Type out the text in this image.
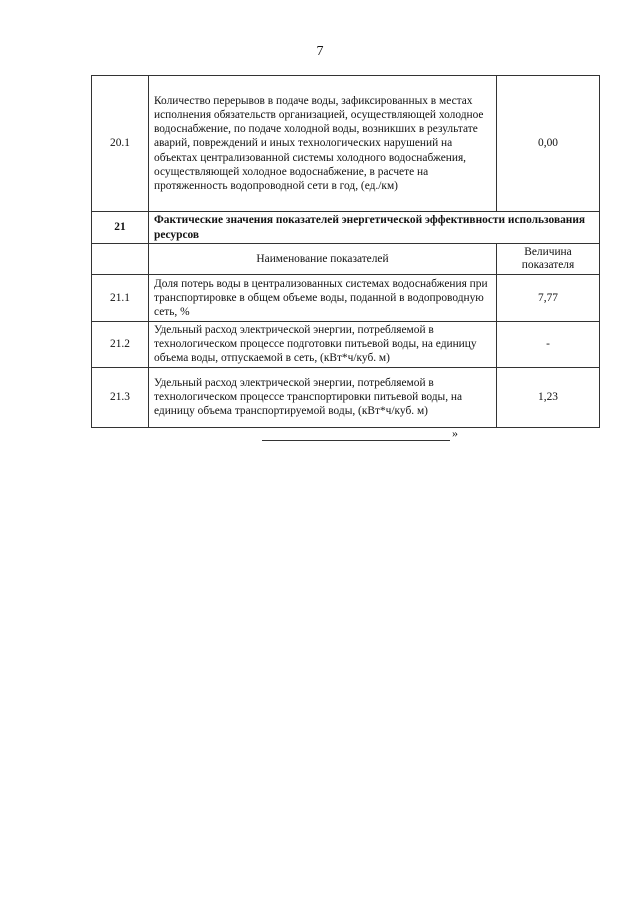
7
20.1	Количество перерывов в подаче воды, зафиксированных в местах исполнения обязательств организацией, осуществляющей холодное водоснабжение, по подаче холодной воды, возникших в результате аварий, повреждений и иных технологических нарушений на объектах централизованной системы холодного водоснабжения, осуществляющей холодное водоснабжение, в расчете на протяженность водопроводной сети в год, (ед./км)	0,00
21	Фактические значения показателей энергетической эффективности использования ресурсов	
	Наименование показателей	Величина показателя
21.1	Доля потерь воды в централизованных системах водоснабжения при транспортировке в общем объеме воды, поданной в водопроводную сеть, %	7,77
21.2	Удельный расход электрической энергии, потребляемой в технологическом процессе подготовки питьевой воды, на единицу объема воды, отпускаемой в сеть, (кВт*ч/куб. м)	-
21.3	Удельный расход электрической энергии, потребляемой в технологическом процессе транспортировки питьевой воды, на единицу объема транспортируемой воды, (кВт*ч/куб. м)	1,23
»
